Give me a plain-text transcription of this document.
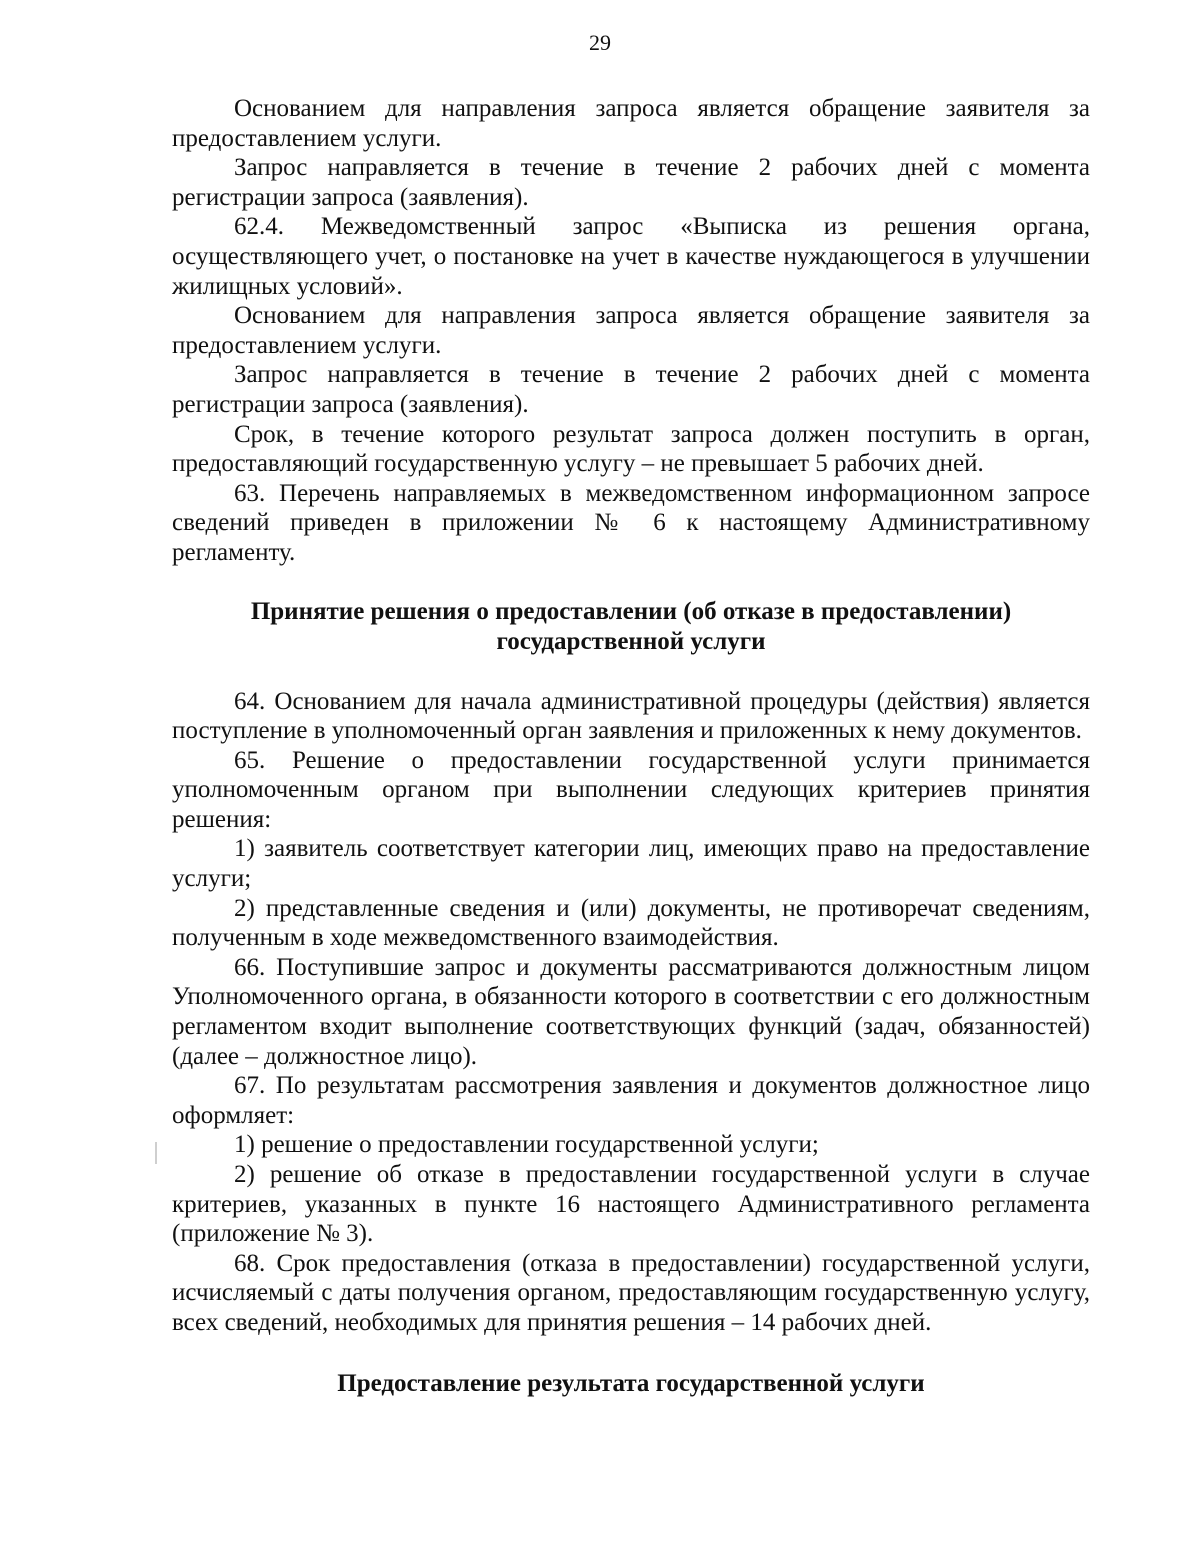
29

Основанием для направления запроса является обращение заявителя за предоставлением услуги.

Запрос направляется в течение в течение 2 рабочих дней с момента регистрации запроса (заявления).

62.4. Межведомственный запрос «Выписка из решения органа, осуществляющего учет, о постановке на учет в качестве нуждающегося в улучшении жилищных условий».

Основанием для направления запроса является обращение заявителя за предоставлением услуги.

Запрос направляется в течение в течение 2 рабочих дней с момента регистрации запроса (заявления).

Срок, в течение которого результат запроса должен поступить в орган, предоставляющий государственную услугу – не превышает 5 рабочих дней.

63. Перечень направляемых в межведомственном информационном запросе сведений приведен в приложении № 6 к настоящему Административному регламенту.

Принятие решения о предоставлении (об отказе в предоставлении)
государственной услуги

64. Основанием для начала административной процедуры (действия) является поступление в уполномоченный орган заявления и приложенных к нему документов.

65. Решение о предоставлении государственной услуги принимается уполномоченным органом при выполнении следующих критериев принятия решения:

1) заявитель соответствует категории лиц, имеющих право на предоставление услуги;

2) представленные сведения и (или) документы, не противоречат сведениям, полученным в ходе межведомственного взаимодействия.

66. Поступившие запрос и документы рассматриваются должностным лицом Уполномоченного органа, в обязанности которого в соответствии с его должностным регламентом входит выполнение соответствующих функций (задач, обязанностей) (далее – должностное лицо).

67. По результатам рассмотрения заявления и документов должностное лицо оформляет:

1) решение о предоставлении государственной услуги;

2) решение об отказе в предоставлении государственной услуги в случае критериев, указанных в пункте 16 настоящего Административного регламента (приложение № 3).

68. Срок предоставления (отказа в предоставлении) государственной услуги, исчисляемый с даты получения органом, предоставляющим государственную услугу, всех сведений, необходимых для принятия решения – 14 рабочих дней.

Предоставление результата государственной услуги
